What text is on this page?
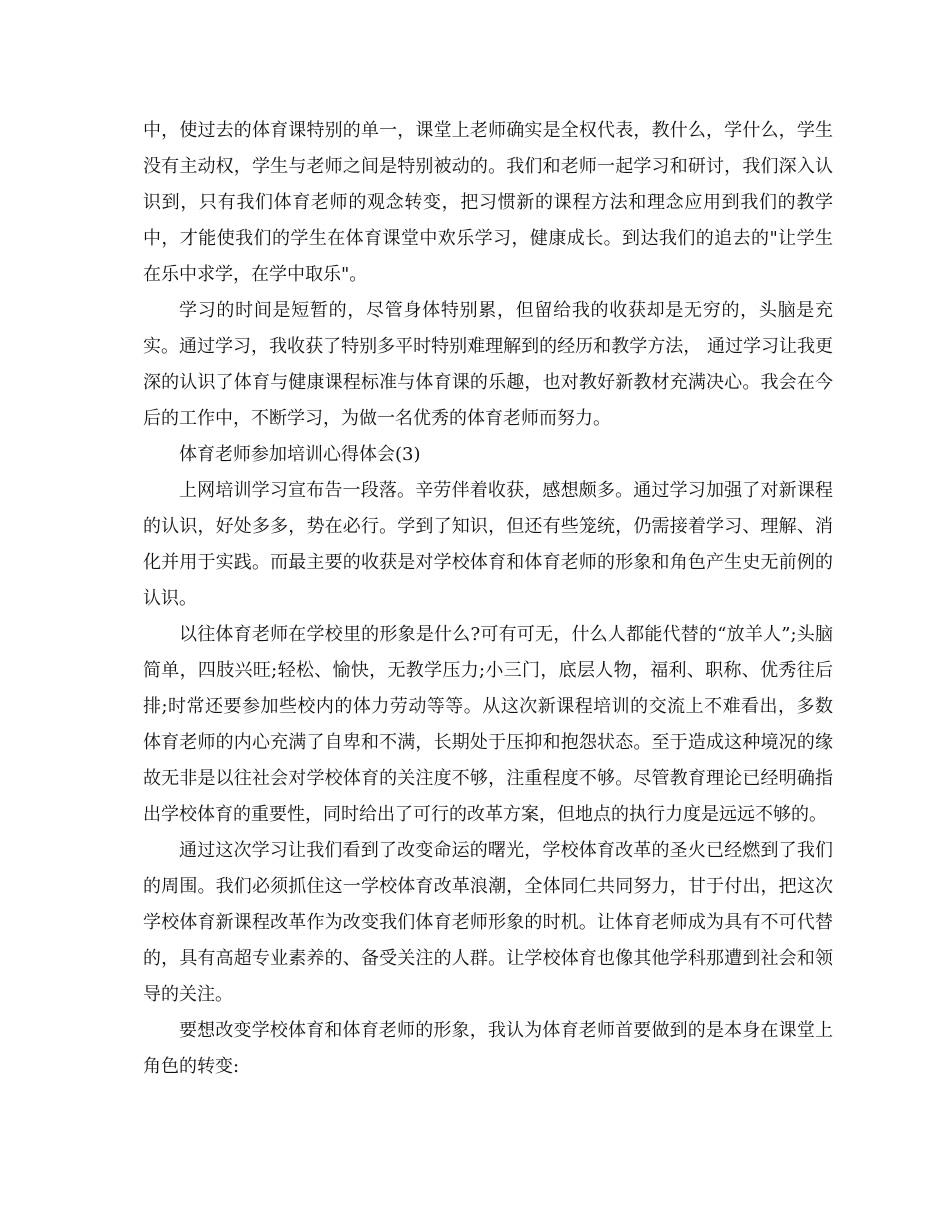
中，使过去的体育课特别的单一，课堂上老师确实是全权代表，教什么，学什么，学生没有主动权，学生与老师之间是特别被动的。我们和老师一起学习和研讨，我们深入认识到，只有我们体育老师的观念转变，把习惯新的课程方法和理念应用到我们的教学中，才能使我们的学生在体育课堂中欢乐学习，健康成长。到达我们的追去的"让学生在乐中求学，在学中取乐"。

学习的时间是短暂的，尽管身体特别累，但留给我的收获却是无穷的，头脑是充实。通过学习，我收获了特别多平时特别难理解到的经历和教学方法， 通过学习让我更深的认识了体育与健康课程标准与体育课的乐趣，也对教好新教材充满决心。我会在今后的工作中，不断学习，为做一名优秀的体育老师而努力。

体育老师参加培训心得体会(3)

上网培训学习宣布告一段落。辛劳伴着收获，感想颇多。通过学习加强了对新课程的认识，好处多多，势在必行。学到了知识，但还有些笼统，仍需接着学习、理解、消化并用于实践。而最主要的收获是对学校体育和体育老师的形象和角色产生史无前例的认识。

以往体育老师在学校里的形象是什么?可有可无，什么人都能代替的“放羊人”;头脑简单，四肢兴旺;轻松、愉快，无教学压力;小三门，底层人物，福利、职称、优秀往后排;时常还要参加些校内的体力劳动等等。从这次新课程培训的交流上不难看出，多数体育老师的内心充满了自卑和不满，长期处于压抑和抱怨状态。至于造成这种境况的缘故无非是以往社会对学校体育的关注度不够，注重程度不够。尽管教育理论已经明确指出学校体育的重要性，同时给出了可行的改革方案，但地点的执行力度是远远不够的。

通过这次学习让我们看到了改变命运的曙光，学校体育改革的圣火已经燃到了我们的周围。我们必须抓住这一学校体育改革浪潮，全体同仁共同努力，甘于付出，把这次学校体育新课程改革作为改变我们体育老师形象的时机。让体育老师成为具有不可代替的，具有高超专业素养的、备受关注的人群。让学校体育也像其他学科那遭到社会和领导的关注。

要想改变学校体育和体育老师的形象，我认为体育老师首要做到的是本身在课堂上角色的转变:
